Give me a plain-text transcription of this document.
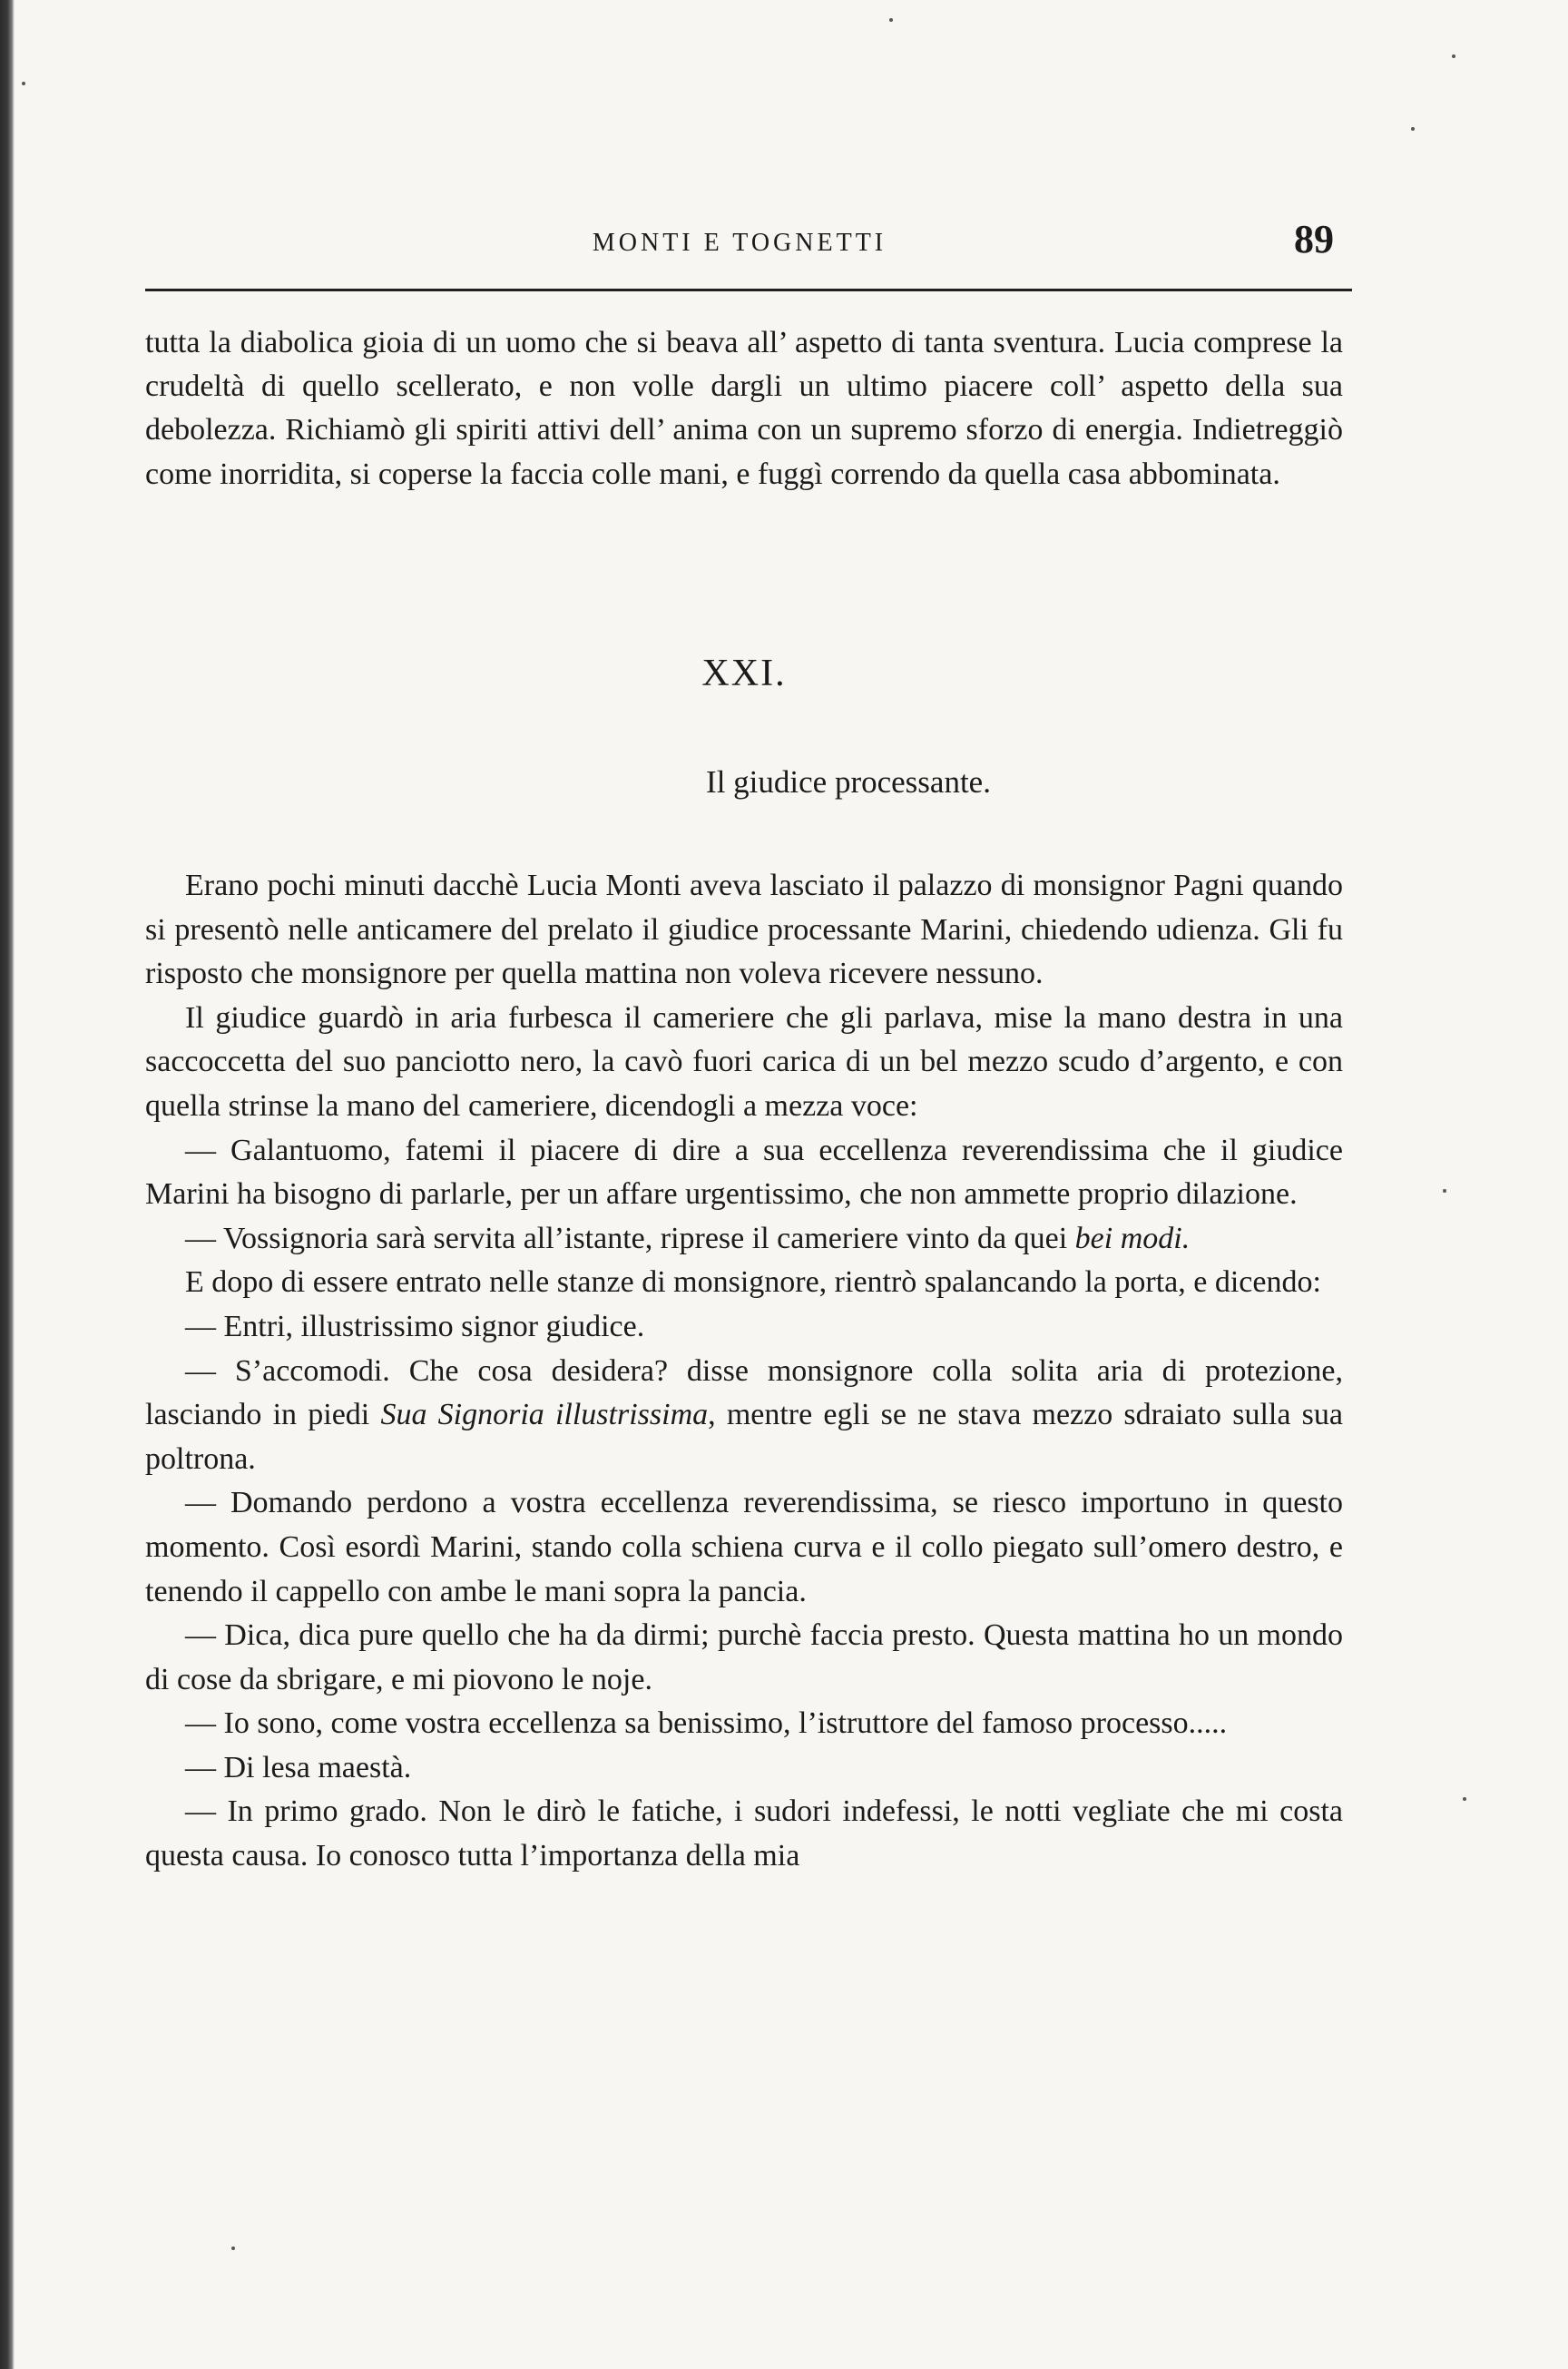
MONTI E TOGNETTI	89

tutta la diabolica gioia di un uomo che si beava all’ aspetto di tanta sventura. Lucia comprese la crudeltà di quello scellerato, e non volle dargli un ultimo piacere coll’ aspetto della sua debolezza. Richiamò gli spiriti attivi dell’ anima con un supremo sforzo di energia. Indietreggiò come inorridita, si coperse la faccia colle mani, e fuggì correndo da quella casa abbominata.

XXI.
Il giudice processante.

Erano pochi minuti dacchè Lucia Monti aveva lasciato il palazzo di monsignor Pagni quando si presentò nelle anticamere del prelato il giudice processante Marini, chiedendo udienza. Gli fu risposto che monsignore per quella mattina non voleva ricevere nessuno.

Il giudice guardò in aria furbesca il cameriere che gli parlava, mise la mano destra in una saccoccetta del suo panciotto nero, la cavò fuori carica di un bel mezzo scudo d’argento, e con quella strinse la mano del cameriere, dicendogli a mezza voce:

— Galantuomo, fatemi il piacere di dire a sua eccellenza reverendissima che il giudice Marini ha bisogno di parlarle, per un affare urgentissimo, che non ammette proprio dilazione.

— Vossignoria sarà servita all’istante, riprese il cameriere vinto da quei bei modi.

E dopo di essere entrato nelle stanze di monsignore, rientrò spalancando la porta, e dicendo:

— Entri, illustrissimo signor giudice.

— S’accomodi. Che cosa desidera? disse monsignore colla solita aria di protezione, lasciando in piedi Sua Signoria illustrissima, mentre egli se ne stava mezzo sdraiato sulla sua poltrona.

— Domando perdono a vostra eccellenza reverendissima, se riesco importuno in questo momento. Così esordì Marini, stando colla schiena curva e il collo piegato sull’omero destro, e tenendo il cappello con ambe le mani sopra la pancia.

— Dica, dica pure quello che ha da dirmi; purchè faccia presto. Questa mattina ho un mondo di cose da sbrigare, e mi piovono le noje.

— Io sono, come vostra eccellenza sa benissimo, l’istruttore del famoso processo.....

— Di lesa maestà.

— In primo grado. Non le dirò le fatiche, i sudori indefessi, le notti vegliate che mi costa questa causa. Io conosco tutta l’importanza della mia
